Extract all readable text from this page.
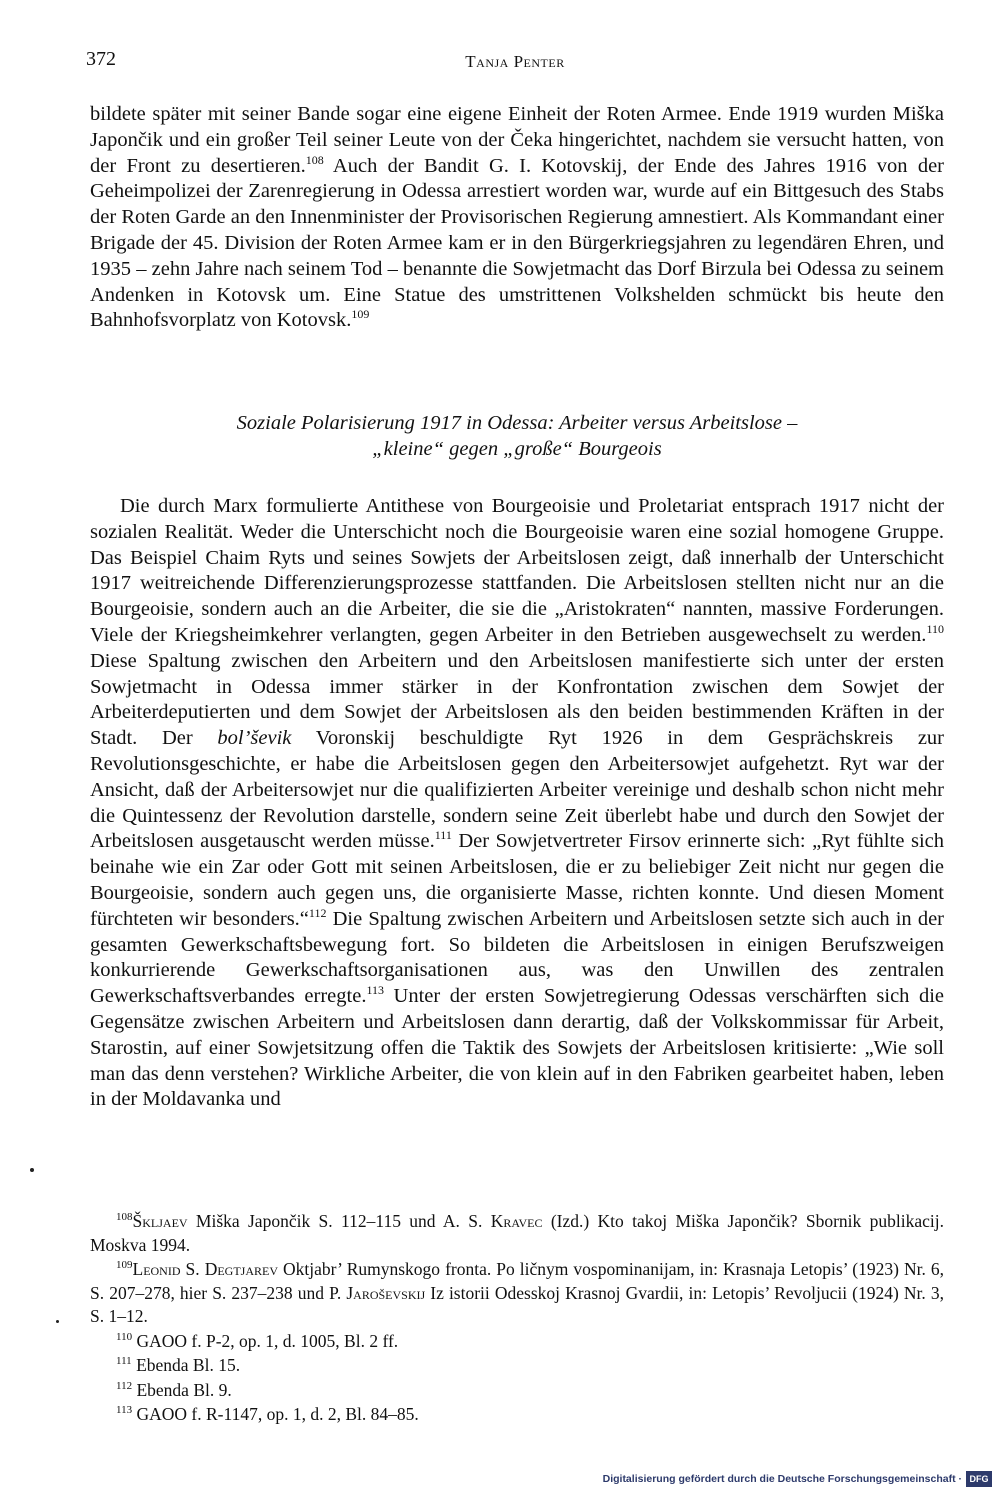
372	Tanja Penter

bildete später mit seiner Bande sogar eine eigene Einheit der Roten Armee. Ende 1919 wurden Miška Japončik und ein großer Teil seiner Leute von der Čeka hingerichtet, nachdem sie versucht hatten, von der Front zu desertieren.$^{108}$ Auch der Bandit G. I. Kotovskij, der Ende des Jahres 1916 von der Geheimpolizei der Zarenregierung in Odessa arrestiert worden war, wurde auf ein Bittgesuch des Stabs der Roten Garde an den Innenminister der Provisorischen Regierung amnestiert. Als Kommandant einer Brigade der 45. Division der Roten Armee kam er in den Bürgerkriegsjahren zu legendären Ehren, und 1935 – zehn Jahre nach seinem Tod – benannte die Sowjetmacht das Dorf Birzula bei Odessa zu seinem Andenken in Kotovsk um. Eine Statue des umstrittenen Volkshelden schmückt bis heute den Bahnhofsvorplatz von Kotovsk.$^{109}$

Soziale Polarisierung 1917 in Odessa: Arbeiter versus Arbeitslose –
„kleine“ gegen „große“ Bourgeois

Die durch Marx formulierte Antithese von Bourgeoisie und Proletariat entsprach 1917 nicht der sozialen Realität. Weder die Unterschicht noch die Bourgeoisie waren eine sozial homogene Gruppe. Das Beispiel Chaim Ryts und seines Sowjets der Arbeitslosen zeigt, daß innerhalb der Unterschicht 1917 weitreichende Differenzierungsprozesse stattfanden. Die Arbeitslosen stellten nicht nur an die Bourgeoisie, sondern auch an die Arbeiter, die sie die „Aristokraten“ nannten, massive Forderungen. Viele der Kriegsheimkehrer verlangten, gegen Arbeiter in den Betrieben ausgewechselt zu werden.$^{110}$ Diese Spaltung zwischen den Arbeitern und den Arbeitslosen manifestierte sich unter der ersten Sowjetmacht in Odessa immer stärker in der Konfrontation zwischen dem Sowjet der Arbeiterdeputierten und dem Sowjet der Arbeitslosen als den beiden bestimmenden Kräften in der Stadt. Der bol’ševik Voronskij beschuldigte Ryt 1926 in dem Gesprächskreis zur Revolutionsgeschichte, er habe die Arbeitslosen gegen den Arbeitersowjet aufgehetzt. Ryt war der Ansicht, daß der Arbeitersowjet nur die qualifizierten Arbeiter vereinige und deshalb schon nicht mehr die Quintessenz der Revolution darstelle, sondern seine Zeit überlebt habe und durch den Sowjet der Arbeitslosen ausgetauscht werden müsse.$^{111}$ Der Sowjetvertreter Firsov erinnerte sich: „Ryt fühlte sich beinahe wie ein Zar oder Gott mit seinen Arbeitslosen, die er zu beliebiger Zeit nicht nur gegen die Bourgeoisie, sondern auch gegen uns, die organisierte Masse, richten konnte. Und diesen Moment fürchteten wir besonders.“$^{112}$ Die Spaltung zwischen Arbeitern und Arbeitslosen setzte sich auch in der gesamten Gewerkschaftsbewegung fort. So bildeten die Arbeitslosen in einigen Berufszweigen konkurrierende Gewerkschaftsorganisationen aus, was den Unwillen des zentralen Gewerkschaftsverbandes erregte.$^{113}$ Unter der ersten Sowjetregierung Odessas verschärften sich die Gegensätze zwischen Arbeitern und Arbeitslosen dann derartig, daß der Volkskommissar für Arbeit, Starostin, auf einer Sowjetsitzung offen die Taktik des Sowjets der Arbeitslosen kritisierte: „Wie soll man das denn verstehen? Wirkliche Arbeiter, die von klein auf in den Fabriken gearbeitet haben, leben in der Moldavanka und

$^{108}$Škljaev Miška Japončik S. 112–115 und A. S. Kravec (Izd.) Kto takoj Miška Japončik? Sbornik publikacij. Moskva 1994.

$^{109}$Leonid S. Degtjarev Oktjabr’ Rumynskogo fronta. Po ličnym vospominanijam, in: Krasnaja Letopis’ (1923) Nr. 6, S. 207–278, hier S. 237–238 und P. Jaroševskij Iz istorii Odesskoj Krasnoj Gvardii, in: Letopis’ Revoljucii (1924) Nr. 3, S. 1–12.

$^{110}$ GAOO f. P-2, op. 1, d. 1005, Bl. 2 ff.

$^{111}$ Ebenda Bl. 15.

$^{112}$ Ebenda Bl. 9.

$^{113}$ GAOO f. R-1147, op. 1, d. 2, Bl. 84–85.

Digitalisierung gefördert durch die Deutsche Forschungsgemeinschaft · DFG
